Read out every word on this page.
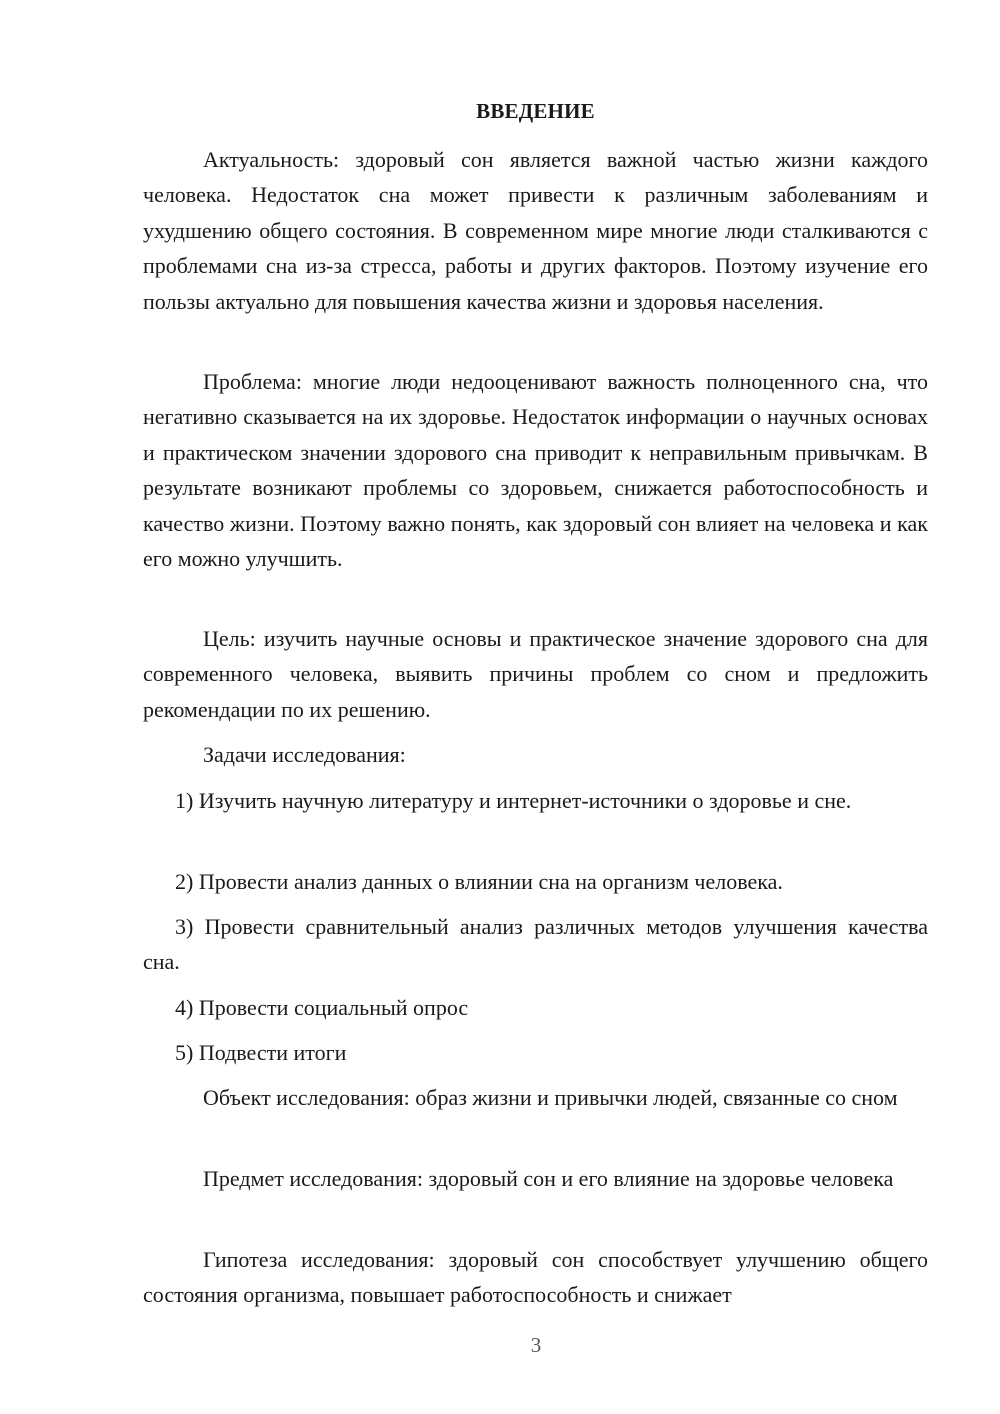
ВВЕДЕНИЕ

Актуальность: здоровый сон является важной частью жизни каждого человека. Недостаток сна может привести к различным заболеваниям и ухудшению общего состояния. В современном мире многие люди сталкиваются с проблемами сна из-за стресса, работы и других факторов. Поэтому изучение его пользы актуально для повышения качества жизни и здоровья населения.

Проблема: многие люди недооценивают важность полноценного сна, что негативно сказывается на их здоровье. Недостаток информации о научных основах и практическом значении здорового сна приводит к неправильным привычкам. В результате возникают проблемы со здоровьем, снижается работоспособность и качество жизни. Поэтому важно понять, как здоровый сон влияет на человека и как его можно улучшить.

Цель: изучить научные основы и практическое значение здорового сна для современного человека, выявить причины проблем со сном и предложить рекомендации по их решению.

Задачи исследования:

1) Изучить научную литературу и интернет-источники о здоровье и сне.

2) Провести анализ данных о влиянии сна на организм человека.

3) Провести сравнительный анализ различных методов улучшения качества сна.

4) Провести социальный опрос

5) Подвести итоги

Объект исследования: образ жизни и привычки людей, связанные со сном

Предмет исследования: здоровый сон и его влияние на здоровье человека

Гипотеза исследования: здоровый сон способствует улучшению общего состояния организма, повышает работоспособность и снижает

3
